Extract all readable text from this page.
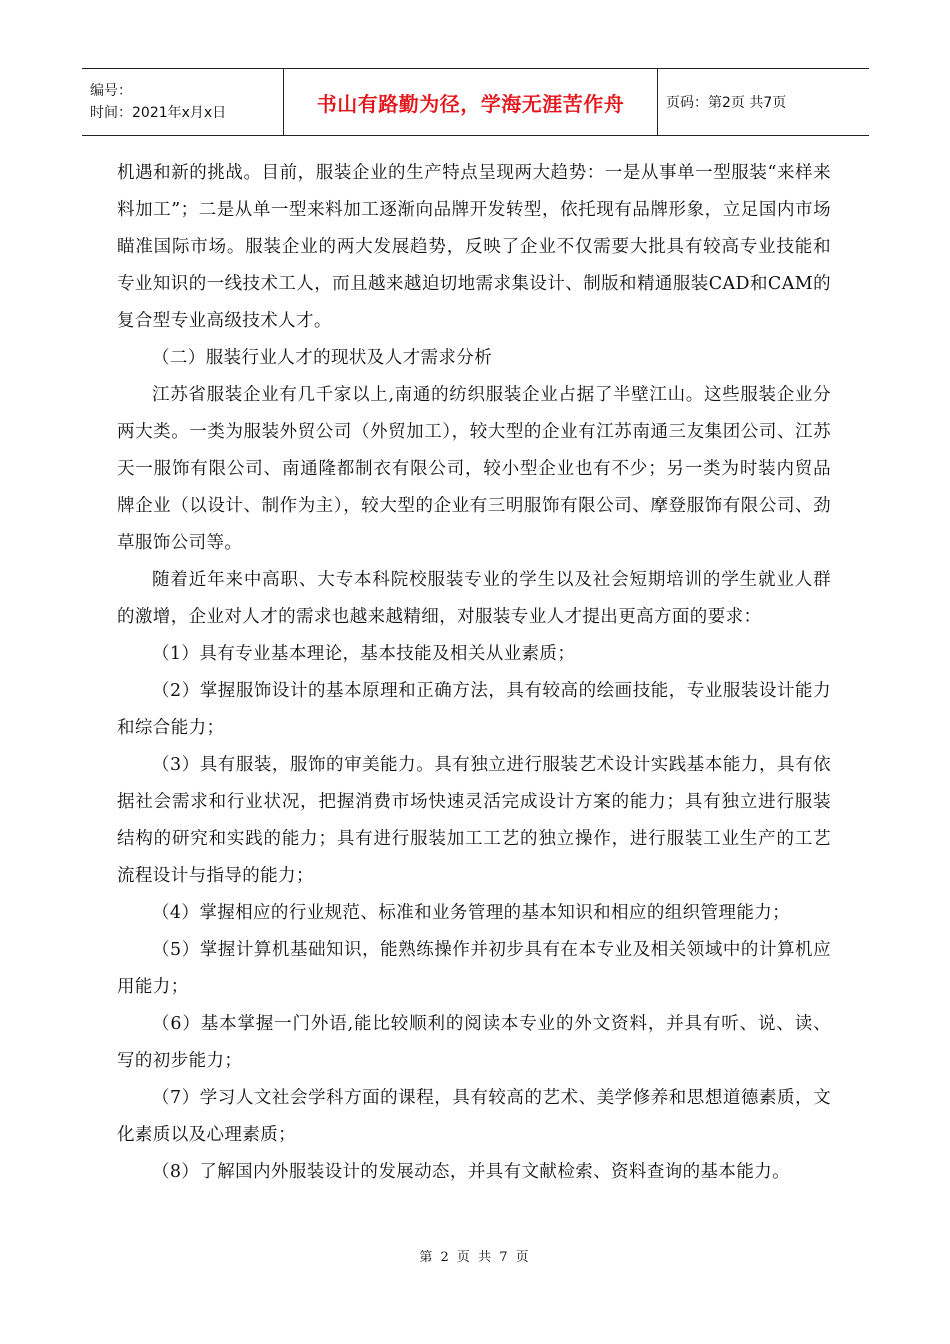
编号：
时间：2021年x月x日	书山有路勤为径，学海无涯苦作舟	页码：第2页 共7页

机遇和新的挑战。目前，服装企业的生产特点呈现两大趋势：一是从事单一型服装“来样来料加工”；二是从单一型来料加工逐渐向品牌开发转型，依托现有品牌形象，立足国内市场瞄准国际市场。服装企业的两大发展趋势，反映了企业不仅需要大批具有较高专业技能和专业知识的一线技术工人，而且越来越迫切地需求集设计、制版和精通服装CAD和CAM的复合型专业高级技术人才。

（二）服装行业人才的现状及人才需求分析

江苏省服装企业有几千家以上,南通的纺织服装企业占据了半壁江山。这些服装企业分两大类。一类为服装外贸公司（外贸加工），较大型的企业有江苏南通三友集团公司、江苏天一服饰有限公司、南通隆都制衣有限公司，较小型企业也有不少；另一类为时装内贸品牌企业（以设计、制作为主），较大型的企业有三明服饰有限公司、摩登服饰有限公司、劲草服饰公司等。

随着近年来中高职、大专本科院校服装专业的学生以及社会短期培训的学生就业人群的激增，企业对人才的需求也越来越精细，对服装专业人才提出更高方面的要求：

（1）具有专业基本理论，基本技能及相关从业素质；

（2）掌握服饰设计的基本原理和正确方法，具有较高的绘画技能，专业服装设计能力和综合能力；

（3）具有服装，服饰的审美能力。具有独立进行服装艺术设计实践基本能力，具有依据社会需求和行业状况，把握消费市场快速灵活完成设计方案的能力；具有独立进行服装结构的研究和实践的能力；具有进行服装加工工艺的独立操作，进行服装工业生产的工艺流程设计与指导的能力；

（4）掌握相应的行业规范、标准和业务管理的基本知识和相应的组织管理能力；

（5）掌握计算机基础知识，能熟练操作并初步具有在本专业及相关领域中的计算机应用能力；

（6）基本掌握一门外语,能比较顺利的阅读本专业的外文资料，并具有听、说、读、写的初步能力；

（7）学习人文社会学科方面的课程，具有较高的艺术、美学修养和思想道德素质，文化素质以及心理素质；

（8）了解国内外服装设计的发展动态，并具有文献检索、资料查询的基本能力。

第 2 页 共 7 页
